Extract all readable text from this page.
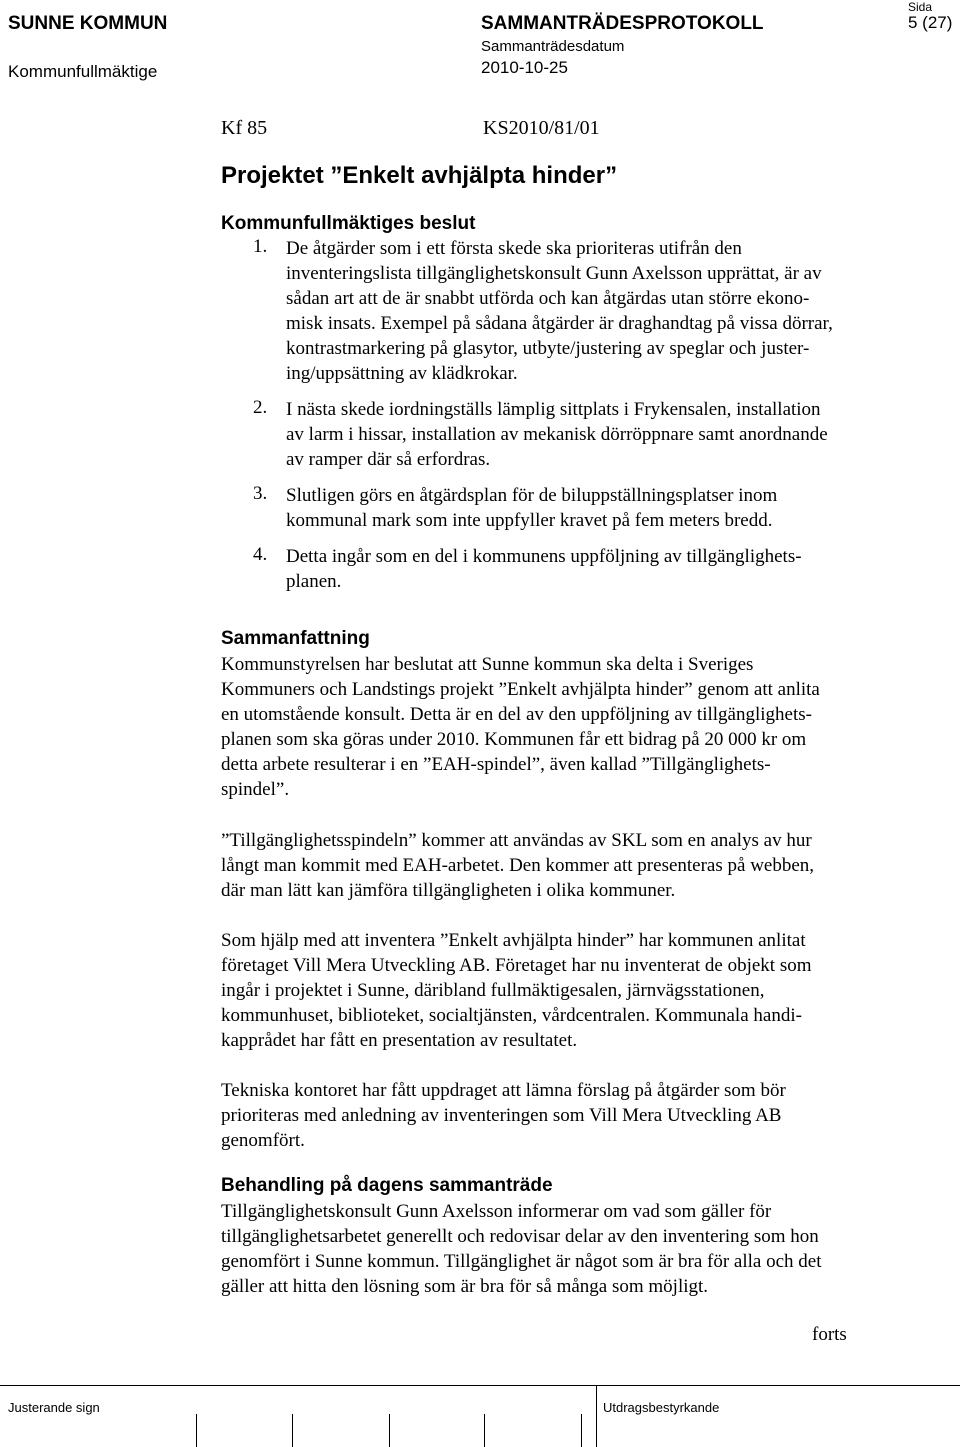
SUNNE KOMMUN
Kommunfullmäktige
SAMMANTRÄDESPROTOKOLL
Sammanträdesdatum
2010-10-25
Sida
5 (27)
Kf 85	KS2010/81/01
Projektet ”Enkelt avhjälpta hinder”
Kommunfullmäktiges beslut
1. De åtgärder som i ett första skede ska prioriteras utifrån den
inventeringslista tillgänglighetskonsult Gunn Axelsson upprättat, är av
sådan art att de är snabbt utförda och kan åtgärdas utan större ekono-
misk insats. Exempel på sådana åtgärder är draghandtag på vissa dörrar,
kontrastmarkering på glasytor, utbyte/justering av speglar och juster-
ing/uppsättning av klädkrokar.
2. I nästa skede iordningställs lämplig sittplats i Frykensalen, installation
av larm i hissar, installation av mekanisk dörröppnare samt anordnande
av ramper där så erfordras.
3. Slutligen görs en åtgärdsplan för de biluppställningsplatser inom
kommunal mark som inte uppfyller kravet på fem meters bredd.
4. Detta ingår som en del i kommunens uppföljning av tillgänglighets-
planen.
Sammanfattning
Kommunstyrelsen har beslutat att Sunne kommun ska delta i Sveriges
Kommuners och Landstings projekt ”Enkelt avhjälpta hinder” genom att anlita
en utomstående konsult. Detta är en del av den uppföljning av tillgänglighets-
planen som ska göras under 2010. Kommunen får ett bidrag på 20 000 kr om
detta arbete resulterar i en ”EAH-spindel”, även kallad ”Tillgänglighets-
spindel”.
”Tillgänglighetsspindeln” kommer att användas av SKL som en analys av hur
långt man kommit med EAH-arbetet. Den kommer att presenteras på webben,
där man lätt kan jämföra tillgängligheten i olika kommuner.
Som hjälp med att inventera ”Enkelt avhjälpta hinder” har kommunen anlitat
företaget Vill Mera Utveckling AB. Företaget har nu inventerat de objekt som
ingår i projektet i Sunne, däribland fullmäktigesalen, järnvägsstationen,
kommunhuset, biblioteket, socialtjänsten, vårdcentralen. Kommunala handi-
kapprådet har fått en presentation av resultatet.
Tekniska kontoret har fått uppdraget att lämna förslag på åtgärder som bör
prioriteras med anledning av inventeringen som Vill Mera Utveckling AB
genomfört.
Behandling på dagens sammanträde
Tillgänglighetskonsult Gunn Axelsson informerar om vad som gäller för
tillgänglighetsarbetet generellt och redovisar delar av den inventering som hon
genomfört i Sunne kommun. Tillgänglighet är något som är bra för alla och det
gäller att hitta den lösning som är bra för så många som möjligt.
forts
Justerande sign	Utdragsbestyrkande
